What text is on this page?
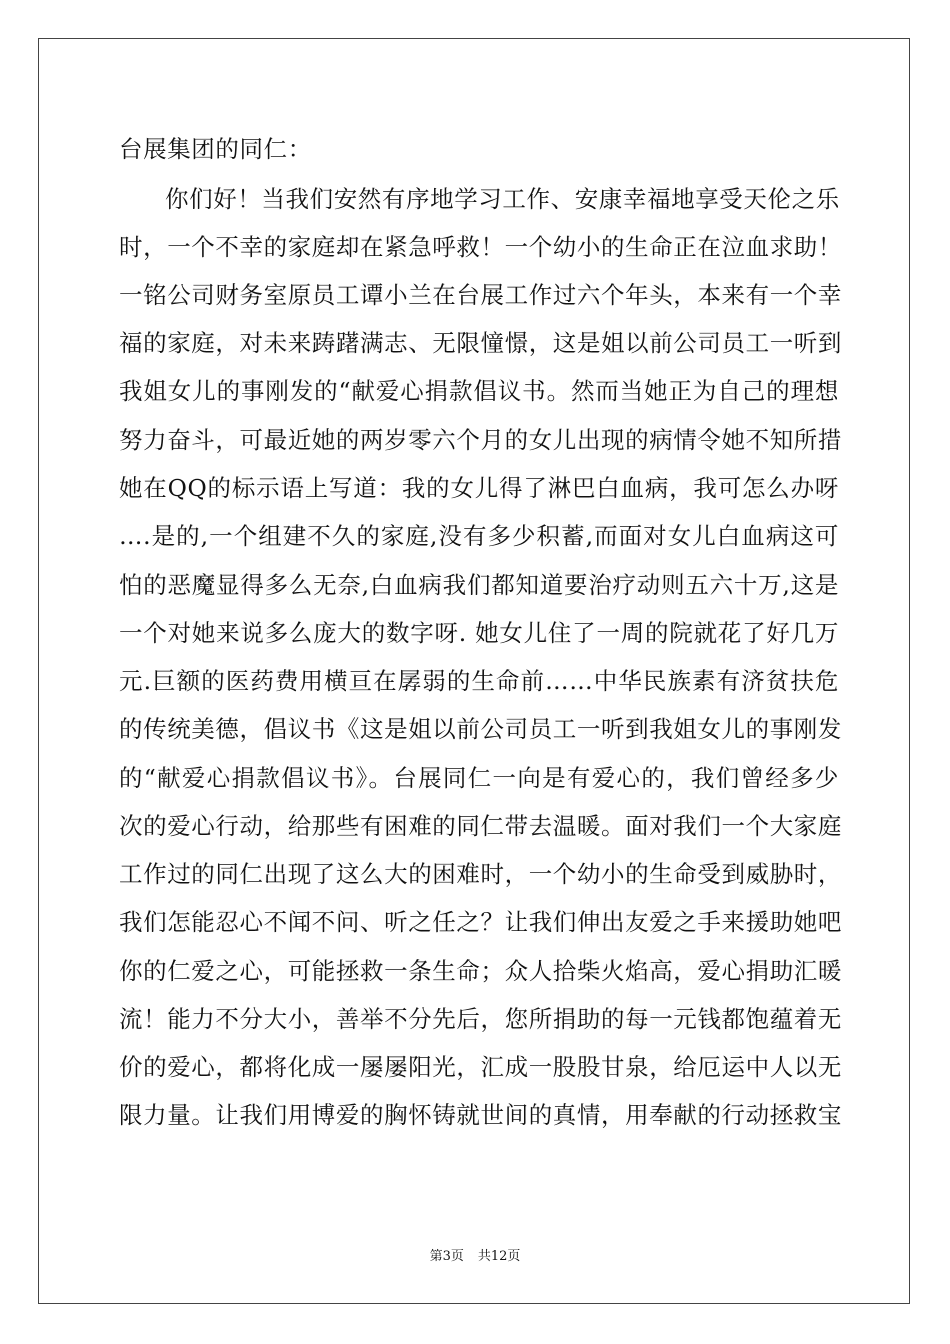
台展集团的同仁：
你们好！当我们安然有序地学习工作、安康幸福地享受天伦之乐
时，一个不幸的家庭却在紧急呼救！一个幼小的生命正在泣血求助！
一铭公司财务室原员工谭小兰在台展工作过六个年头，本来有一个幸
福的家庭，对未来踌躇满志、无限憧憬，这是姐以前公司员工一听到
我姐女儿的事刚发的“献爱心捐款倡议书。然而当她正为自己的理想
努力奋斗，可最近她的两岁零六个月的女儿出现的病情令她不知所措
她在QQ的标示语上写道：我的女儿得了淋巴白血病，我可怎么办呀
….是的,一个组建不久的家庭,没有多少积蓄,而面对女儿白血病这可
怕的恶魔显得多么无奈,白血病我们都知道要治疗动则五六十万,这是
一个对她来说多么庞大的数字呀. 她女儿住了一周的院就花了好几万
元.巨额的医药费用横亘在孱弱的生命前……中华民族素有济贫扶危
的传统美德，倡议书《这是姐以前公司员工一听到我姐女儿的事刚发
的“献爱心捐款倡议书》。台展同仁一向是有爱心的，我们曾经多少
次的爱心行动，给那些有困难的同仁带去温暖。面对我们一个大家庭
工作过的同仁出现了这么大的困难时，一个幼小的生命受到威胁时，
我们怎能忍心不闻不问、听之任之？让我们伸出友爱之手来援助她吧
你的仁爱之心，可能拯救一条生命；众人拾柴火焰高，爱心捐助汇暖
流！能力不分大小，善举不分先后，您所捐助的每一元钱都饱蕴着无
价的爱心，都将化成一屡屡阳光，汇成一股股甘泉，给厄运中人以无
限力量。让我们用博爱的胸怀铸就世间的真情，用奉献的行动拯救宝
第3页 共12页
